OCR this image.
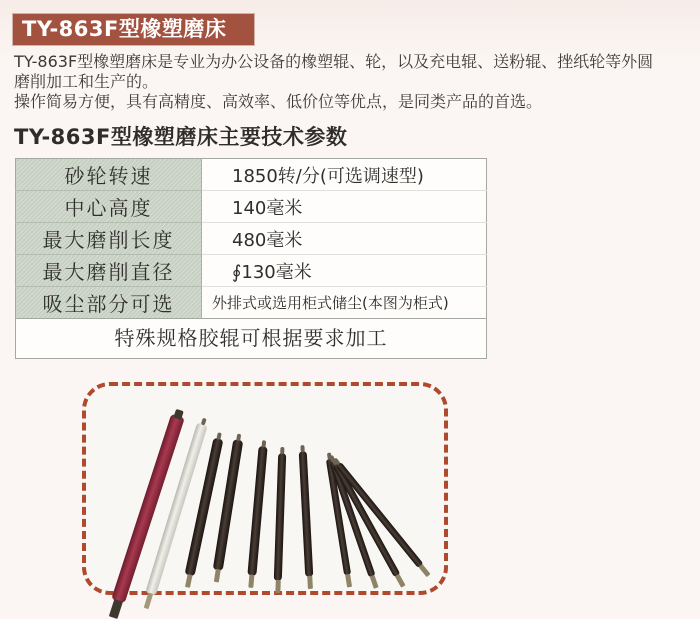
TY-863F型橡塑磨床

TY-863F型橡塑磨床是专业为办公设备的橡塑辊、轮，以及充电辊、送粉辊、挫纸轮等外圆磨削加工和生产的。

操作简易方便，具有高精度、高效率、低价位等优点，是同类产品的首选。

TY-863F型橡塑磨床主要技术参数
砂轮转速	1850转/分(可选调速型)
中心高度	140毫米
最大磨削长度	480毫米
最大磨削直径	∮130毫米
吸尘部分可选	外排式或选用柜式储尘(本图为柜式)
特殊规格胶辊可根据要求加工
